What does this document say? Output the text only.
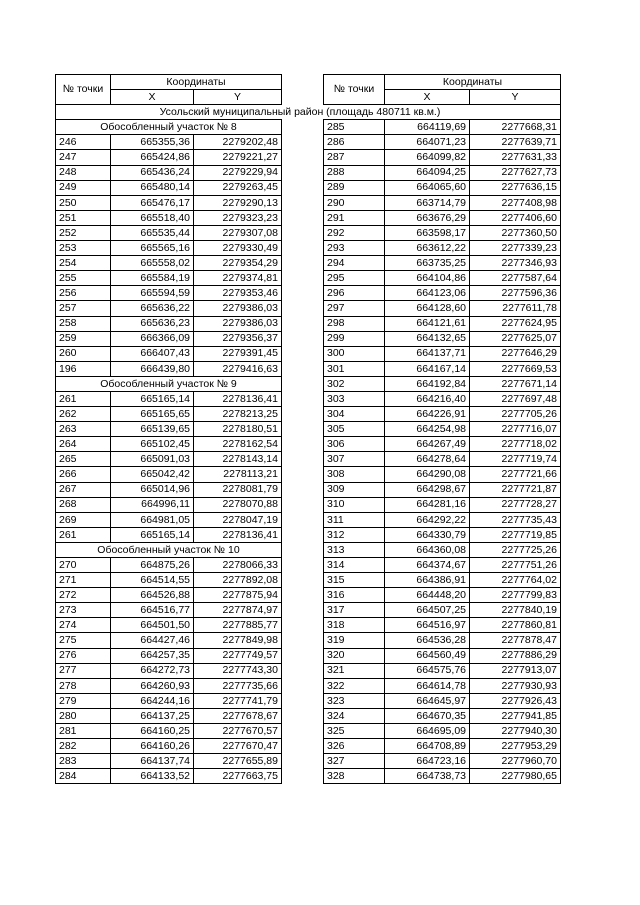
№ точки	Координаты	
	X	Y

Обособленный участок № 8		
246	665355,36	2279202,48
247	665424,86	2279221,27
248	665436,24	2279229,94
249	665480,14	2279263,45
250	665476,17	2279290,13
251	665518,40	2279323,23
252	665535,44	2279307,08
253	665565,16	2279330,49
254	665558,02	2279354,29
255	665584,19	2279374,81
256	665594,59	2279353,46
257	665636,22	2279386,03
258	665636,23	2279386,03
259	666366,09	2279356,37
260	666407,43	2279391,45
196	666439,80	2279416,63
Обособленный участок № 9		
261	665165,14	2278136,41
262	665165,65	2278213,25
263	665139,65	2278180,51
264	665102,45	2278162,54
265	665091,03	2278143,14
266	665042,42	2278113,21
267	665014,96	2278081,79
268	664996,11	2278070,88
269	664981,05	2278047,19
261	665165,14	2278136,41
Обособленный участок № 10		
270	664875,26	2278066,33
271	664514,55	2277892,08
272	664526,88	2277875,94
273	664516,77	2277874,97
274	664501,50	2277885,77
275	664427,46	2277849,98
276	664257,35	2277749,57
277	664272,73	2277743,30
278	664260,93	2277735,66
279	664244,16	2277741,79
280	664137,25	2277678,67
281	664160,25	2277670,57
282	664160,26	2277670,47
283	664137,74	2277655,89
284	664133,52	2277663,75
№ точки	Координаты	
	X	Y

285	664119,69	2277668,31
286	664071,23	2277639,71
287	664099,82	2277631,33
288	664094,25	2277627,73
289	664065,60	2277636,15
290	663714,79	2277408,98
291	663676,29	2277406,60
292	663598,17	2277360,50
293	663612,22	2277339,23
294	663735,25	2277346,93
295	664104,86	2277587,64
296	664123,06	2277596,36
297	664128,60	2277611,78
298	664121,61	2277624,95
299	664132,65	2277625,07
300	664137,71	2277646,29
301	664167,14	2277669,53
302	664192,84	2277671,14
303	664216,40	2277697,48
304	664226,91	2277705,26
305	664254,98	2277716,07
306	664267,49	2277718,02
307	664278,64	2277719,74
308	664290,08	2277721,66
309	664298,67	2277721,87
310	664281,16	2277728,27
311	664292,22	2277735,43
312	664330,79	2277719,85
313	664360,08	2277725,26
314	664374,67	2277751,26
315	664386,91	2277764,02
316	664448,20	2277799,83
317	664507,25	2277840,19
318	664516,97	2277860,81
319	664536,28	2277878,47
320	664560,49	2277886,29
321	664575,76	2277913,07
322	664614,78	2277930,93
323	664645,97	2277926,43
324	664670,35	2277941,85
325	664695,09	2277940,30
326	664708,89	2277953,29
327	664723,16	2277960,70
328	664738,73	2277980,65
Усольский муниципальный район (площадь 480711 кв.м.)
